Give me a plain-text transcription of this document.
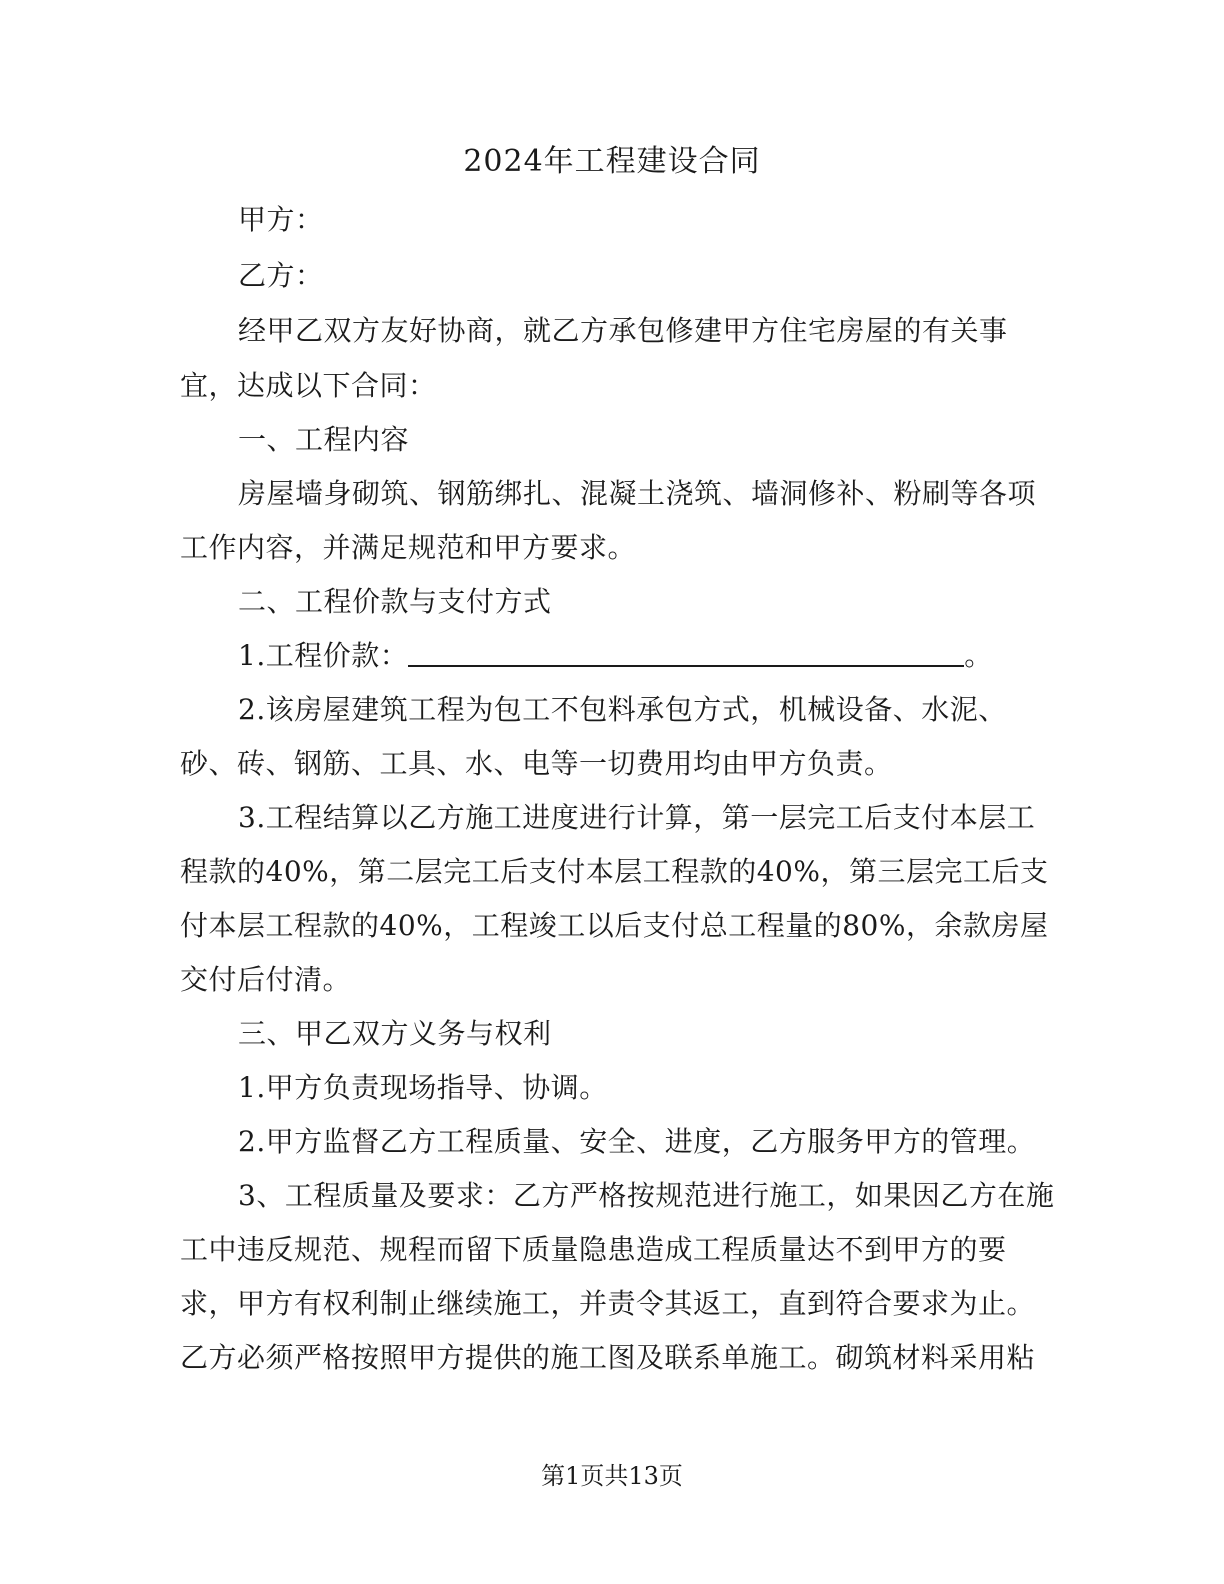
2024年工程建设合同
甲方：
乙方：
经甲乙双方友好协商，就乙方承包修建甲方住宅房屋的有关事
宜，达成以下合同：
一、工程内容
房屋墙身砌筑、钢筋绑扎、混凝土浇筑、墙洞修补、粉刷等各项
工作内容，并满足规范和甲方要求。
二、工程价款与支付方式
1.工程价款：	。
2.该房屋建筑工程为包工不包料承包方式，机械设备、水泥、
砂、砖、钢筋、工具、水、电等一切费用均由甲方负责。
3.工程结算以乙方施工进度进行计算，第一层完工后支付本层工
程款的40%，第二层完工后支付本层工程款的40%，第三层完工后支
付本层工程款的40%，工程竣工以后支付总工程量的80%，余款房屋
交付后付清。
三、甲乙双方义务与权利
1.甲方负责现场指导、协调。
2.甲方监督乙方工程质量、安全、进度，乙方服务甲方的管理。
3、工程质量及要求：乙方严格按规范进行施工，如果因乙方在施
工中违反规范、规程而留下质量隐患造成工程质量达不到甲方的要
求，甲方有权利制止继续施工，并责令其返工，直到符合要求为止。
乙方必须严格按照甲方提供的施工图及联系单施工。砌筑材料采用粘
第1页共13页
